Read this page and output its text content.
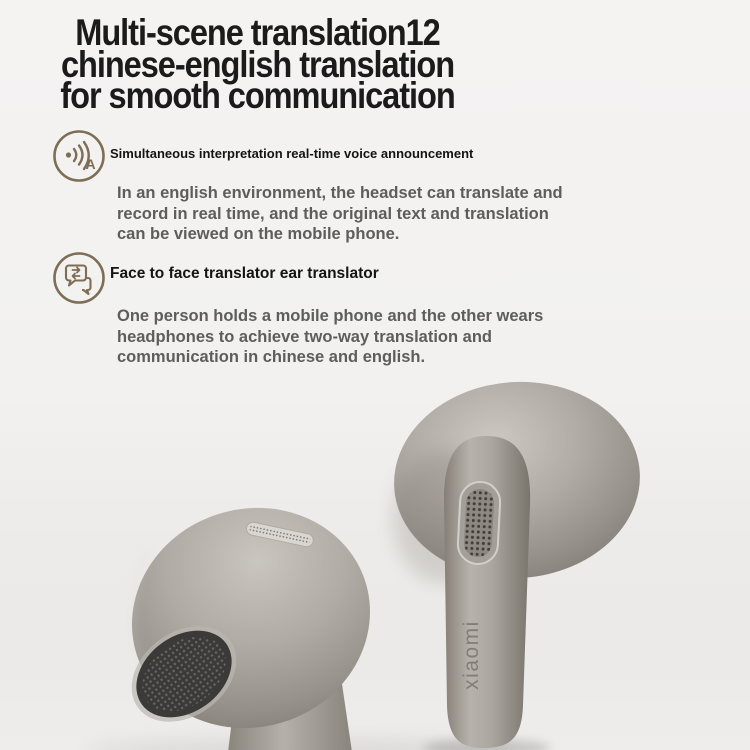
Multi-scene translation12
chinese-english translation
for smooth communication
A
Simultaneous interpretation real-time voice announcement

In an english environment, the headset can translate and
record in real time, and the original text and translation
can be viewed on the mobile phone.

Face to face translator ear translator

One person holds a mobile phone and the other wears
headphones to achieve two-way translation and
communication in chinese and english.

xiaomi
